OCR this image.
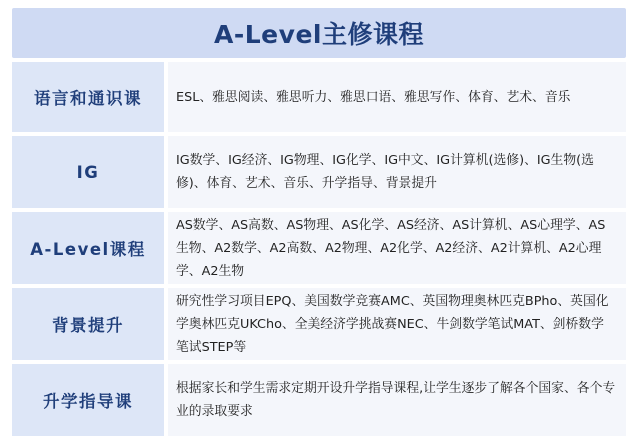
A-Level主修课程
语言和通识课	ESL、雅思阅读、雅思听力、雅思口语、雅思写作、体育、艺术、音乐
IG
IG数学、IG经济、IG物理、IG化学、IG中文、IG计算机(选修)、IG生物(选修)、体育、艺术、音乐、升学指导、背景提升
A-Level课程
AS数学、AS高数、AS物理、AS化学、AS经济、AS计算机、AS心理学、AS生物、A2数学、A2高数、A2物理、A2化学、A2经济、A2计算机、A2心理学、A2生物
背景提升
研究性学习项目EPQ、美国数学竞赛AMC、英国物理奥林匹克BPho、英国化学奥林匹克UKCho、全美经济学挑战赛NEC、牛剑数学笔试MAT、剑桥数学笔试STEP等
升学指导课
根据家长和学生需求定期开设升学指导课程,让学生逐步了解各个国家、各个专业的录取要求
